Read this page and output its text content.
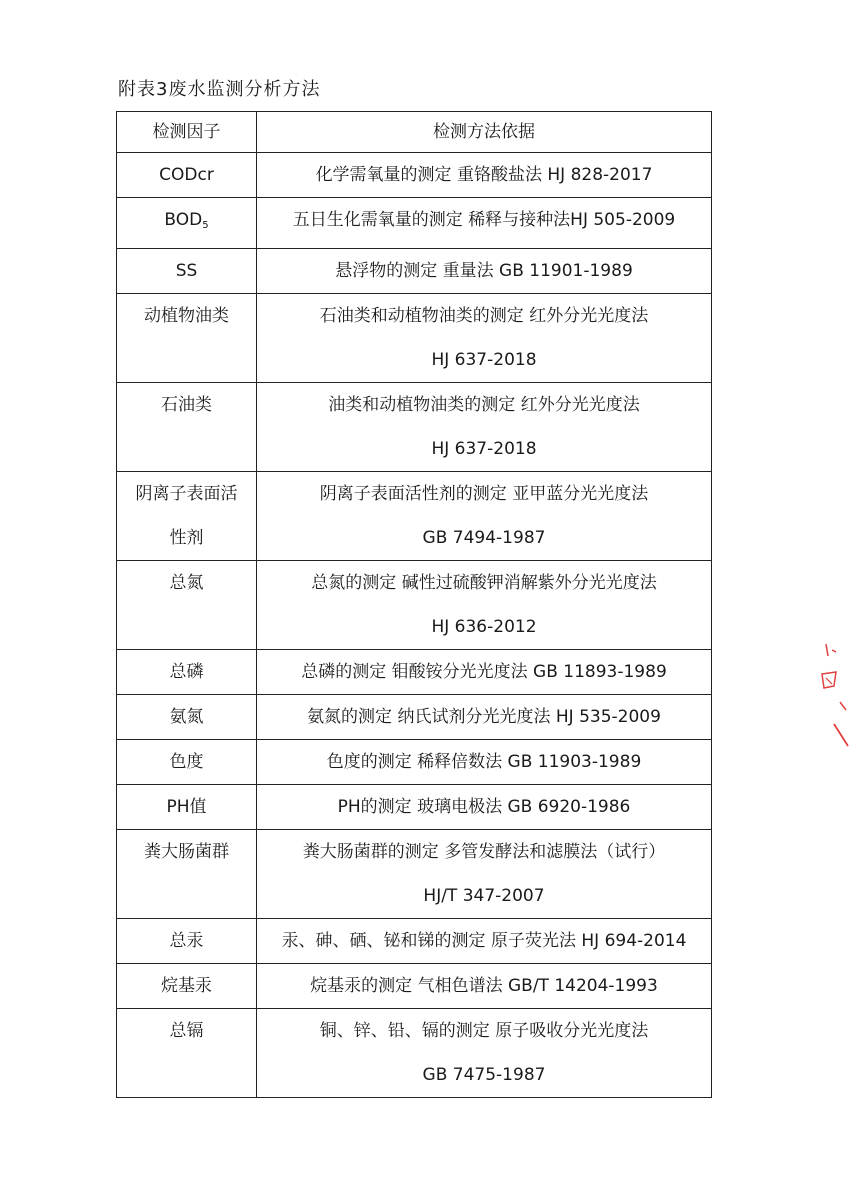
附表3废水监测分析方法
检测因子	检测方法依据

CODcr	化学需氧量的测定 重铬酸盐法 HJ 828-2017

$BOD_5$	五日生化需氧量的测定 稀释与接种法HJ 505-2009

SS	悬浮物的测定 重量法 GB 11901-1989

动植物油类	石油类和动植物油类的测定 红外分光光度法
HJ 637-2018

石油类	油类和动植物油类的测定 红外分光光度法
HJ 637-2018

阴离子表面活
性剂	阴离子表面活性剂的测定 亚甲蓝分光光度法
GB 7494-1987

总氮	总氮的测定 碱性过硫酸钾消解紫外分光光度法
HJ 636-2012

总磷	总磷的测定 钼酸铵分光光度法 GB 11893-1989

氨氮	氨氮的测定 纳氏试剂分光光度法 HJ 535-2009

色度	色度的测定 稀释倍数法 GB 11903-1989

PH值	PH的测定 玻璃电极法 GB 6920-1986

粪大肠菌群	粪大肠菌群的测定 多管发酵法和滤膜法（试行）
HJ/T 347-2007

总汞	汞、砷、硒、铋和锑的测定 原子荧光法 HJ 694-2014

烷基汞	烷基汞的测定 气相色谱法 GB/T 14204-1993

总镉	铜、锌、铅、镉的测定 原子吸收分光光度法
GB 7475-1987
